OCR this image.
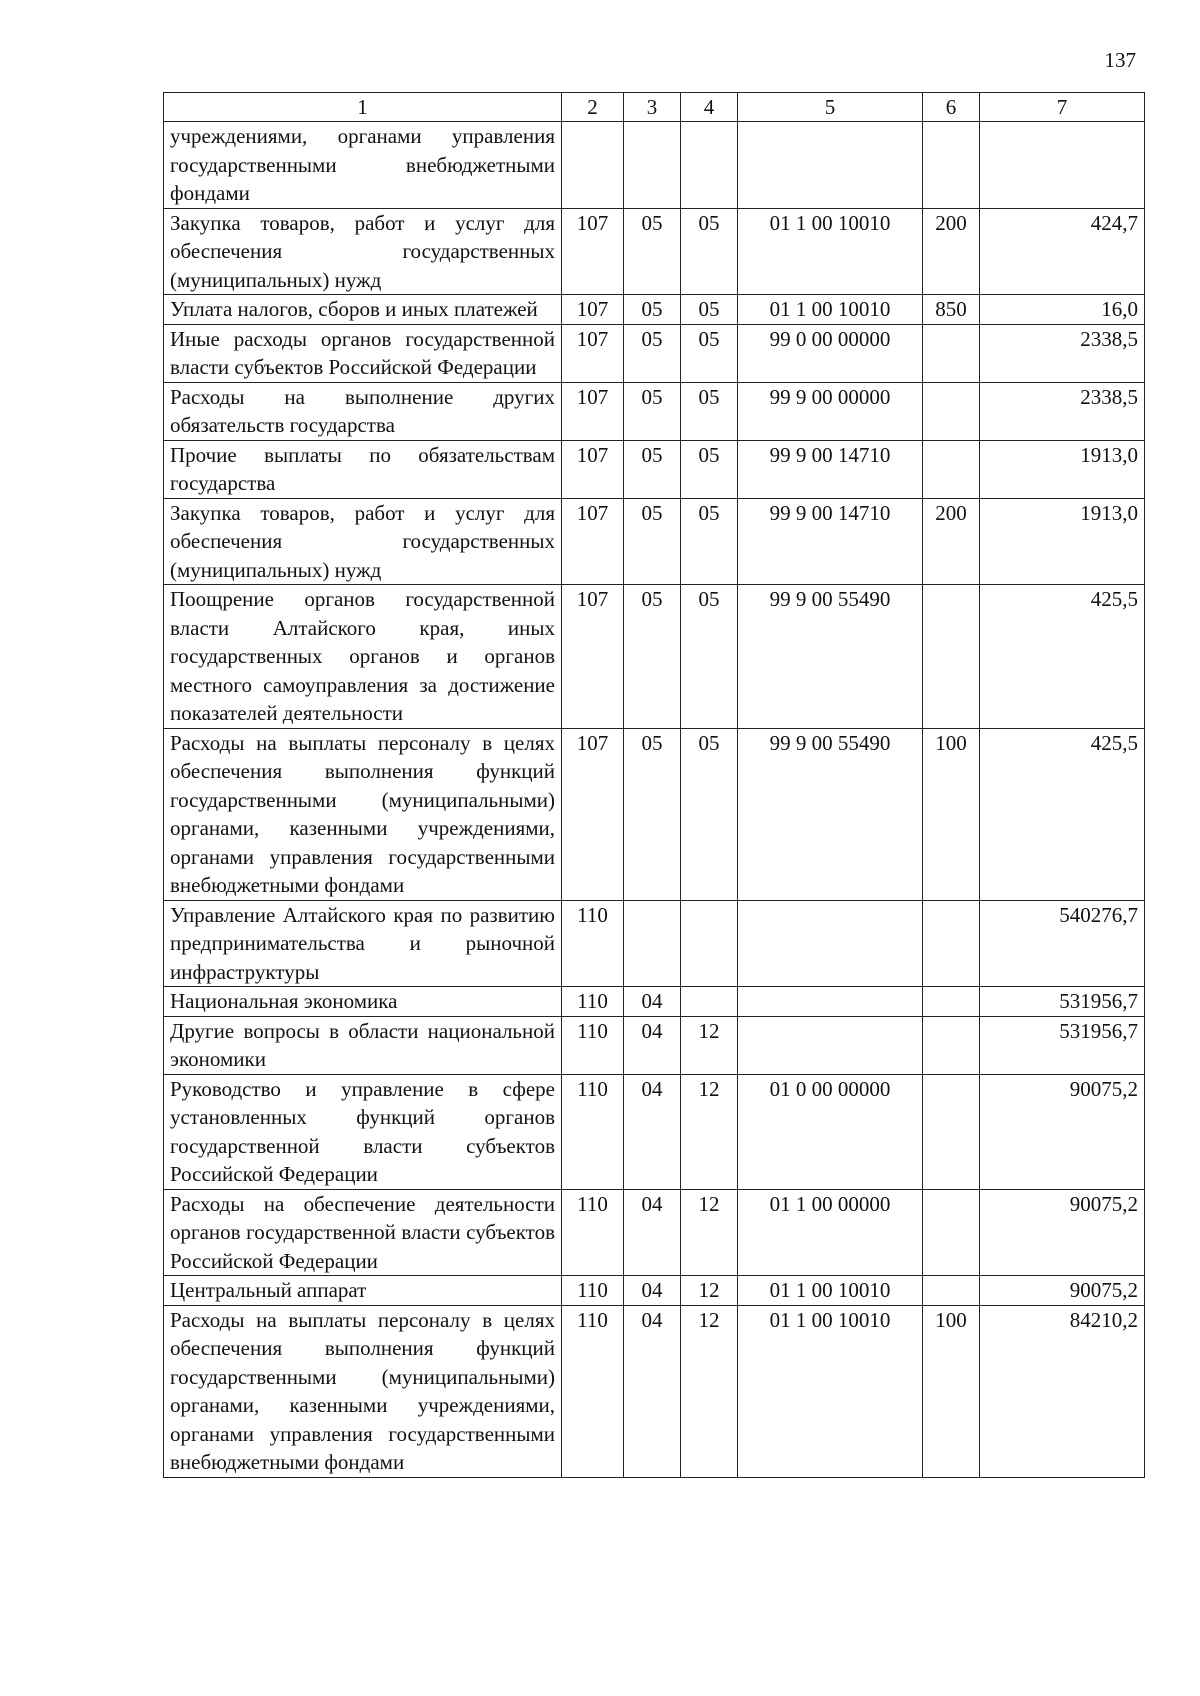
137
1	2	3	4	5	6	7
учреждениями, органами управления государственными внебюджетными фондами						
Закупка товаров, работ и услуг для обеспечения государственных (муниципальных) нужд	107	05	05	01 1 00 10010	200	424,7
Уплата налогов, сборов и иных платежей	107	05	05	01 1 00 10010	850	16,0
Иные расходы органов государственной власти субъектов Российской Федерации	107	05	05	99 0 00 00000		2338,5
Расходы на выполнение других обязательств государства	107	05	05	99 9 00 00000		2338,5
Прочие выплаты по обязательствам государства	107	05	05	99 9 00 14710		1913,0
Закупка товаров, работ и услуг для обеспечения государственных (муниципальных) нужд	107	05	05	99 9 00 14710	200	1913,0
Поощрение органов государственной власти Алтайского края, иных государственных органов и органов местного самоуправления за достижение показателей деятельности	107	05	05	99 9 00 55490		425,5
Расходы на выплаты персоналу в целях обеспечения выполнения функций государственными (муниципальными) органами, казенными учреждениями, органами управления государственными внебюджетными фондами	107	05	05	99 9 00 55490	100	425,5
Управление Алтайского края по развитию предпринимательства и рыночной инфраструктуры	110					540276,7
Национальная экономика	110	04				531956,7
Другие вопросы в области национальной экономики	110	04	12			531956,7
Руководство и управление в сфере установленных функций органов государственной власти субъектов Российской Федерации	110	04	12	01 0 00 00000		90075,2
Расходы на обеспечение деятельности органов государственной власти субъектов Российской Федерации	110	04	12	01 1 00 00000		90075,2
Центральный аппарат	110	04	12	01 1 00 10010		90075,2
Расходы на выплаты персоналу в целях обеспечения выполнения функций государственными (муниципальными) органами, казенными учреждениями, органами управления государственными внебюджетными фондами	110	04	12	01 1 00 10010	100	84210,2
